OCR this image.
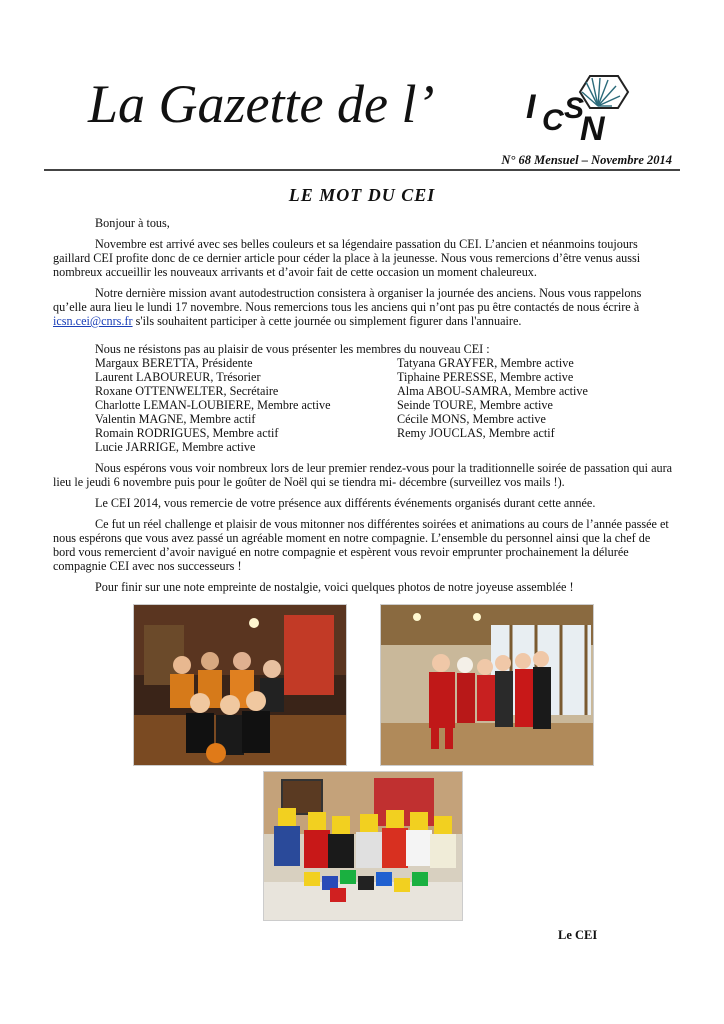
La Gazette de l’	I C S
N
N° 68 Mensuel – Novembre 2014
LE MOT DU CEI

Bonjour à tous,

Novembre est arrivé avec ses belles couleurs et sa légendaire passation du CEI. L’ancien et néanmoins toujours gaillard CEI profite donc de ce dernier article pour céder la place à la jeunesse. Nous vous remercions d’être venus aussi nombreux accueillir les nouveaux arrivants et d’avoir fait de cette occasion un moment chaleureux.

Notre dernière mission avant autodestruction consistera à organiser la journée des anciens. Nous vous rappelons qu’elle aura lieu le lundi 17 novembre. Nous remercions tous les anciens qui n’ont pas pu être contactés de nous écrire à icsn.cei@cnrs.fr s'ils souhaitent participer à cette journée ou simplement figurer dans l'annuaire.

Nous ne résistons pas au plaisir de vous présenter les membres du nouveau CEI :

Margaux BERETTA, Présidente
Laurent LABOUREUR, Trésorier
Roxane OTTENWELTER, Secrétaire
Charlotte LEMAN-LOUBIERE, Membre active
Valentin MAGNE, Membre actif
Romain RODRIGUES, Membre actif
Lucie JARRIGE, Membre active
Tatyana GRAYFER, Membre active
Tiphaine PERESSE, Membre active
Alma ABOU-SAMRA, Membre active
Seinde TOURE, Membre active
Cécile MONS, Membre active
Remy JOUCLAS, Membre actif

Nous espérons vous voir nombreux lors de leur premier rendez-vous pour la traditionnelle soirée de passation qui aura lieu le jeudi 6 novembre puis pour le goûter de Noël qui se tiendra mi- décembre (surveillez vos mails !).

Le CEI 2014, vous remercie de votre présence aux différents événements organisés durant cette année.

Ce fut un réel challenge et plaisir de vous mitonner nos différentes soirées et animations au cours de l’année passée et nous espérons que vous avez passé un agréable moment en notre compagnie. L’ensemble du personnel ainsi que la chef de bord vous remercient d’avoir navigué en notre compagnie et espèrent vous revoir emprunter prochainement la délurée compagnie CEI avec nos successeurs !

Pour finir sur une note empreinte de nostalgie, voici quelques photos de notre joyeuse assemblée !

Le CEI
